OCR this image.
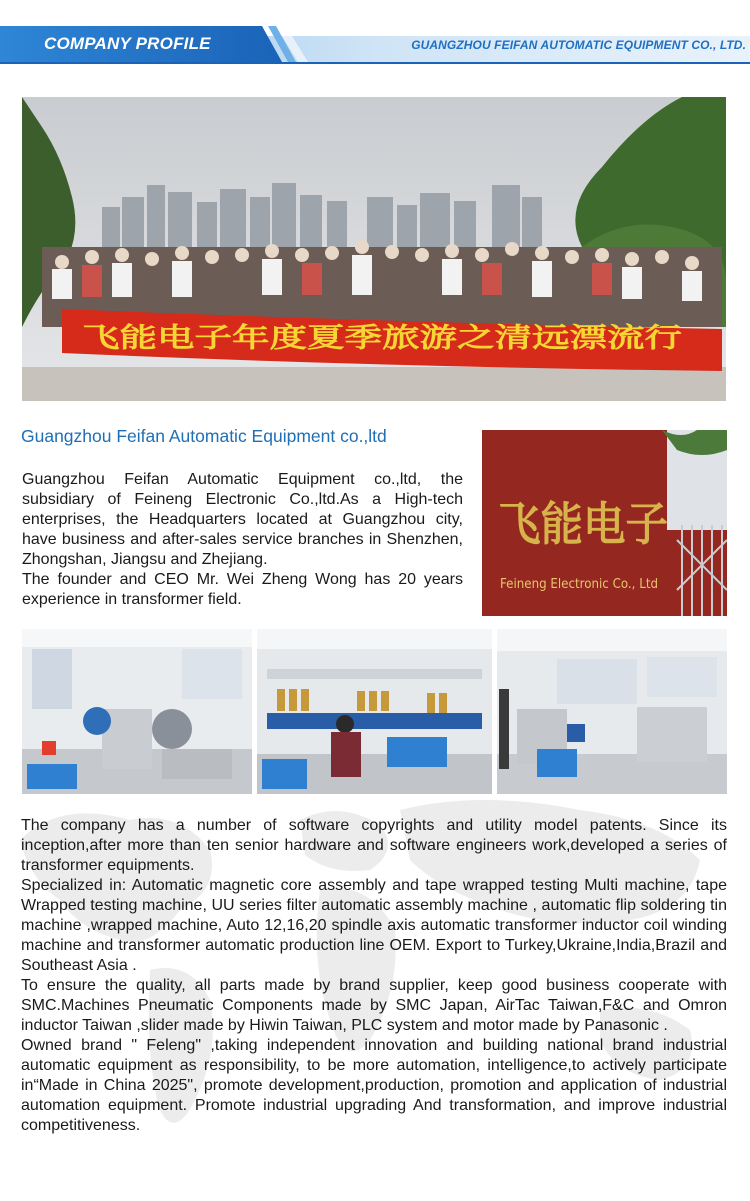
COMPANY PROFILE	GUANGZHOU FEIFAN AUTOMATIC EQUIPMENT CO., LTD.
飞能电子年度夏季旅游之清远漂流行
Guangzhou Feifan Automatic Equipment co.,ltd

Guangzhou Feifan Automatic Equipment co.,ltd, the subsidiary of Feineng Electronic Co.,ltd.As a High-tech enterprises, the Headquarters located at Guangzhou city, have business and after-sales service branches in Shenzhen, Zhongshan, Jiangsu and Zhejiang.

The founder and CEO Mr. Wei Zheng Wong has 20 years experience in transformer field.

飞能电子
Feineng Electronic Co., Ltd

The company has a number of software copyrights and utility model patents. Since its inception,after more than ten senior hardware and software engineers work,developed a series of transformer equipments.

Specialized in: Automatic magnetic core assembly and tape wrapped testing Multi machine, tape Wrapped testing machine, UU series filter automatic assembly machine , automatic flip soldering tin machine ,wrapped machine, Auto 12,16,20 spindle axis automatic transformer inductor coil winding machine and transformer automatic production line OEM. Export to Turkey,Ukraine,India,Brazil and Southeast Asia .

To ensure the quality, all parts made by brand supplier, keep good business cooperate with SMC.Machines Pneumatic Components made by SMC Japan, AirTac Taiwan,F&C and Omron inductor Taiwan ,slider made by Hiwin Taiwan, PLC system and motor made by Panasonic .

Owned brand " Feleng" ,taking independent innovation and building national brand industrial automatic equipment as responsibility, to be more automation, intelligence,to actively participate in“Made in China 2025", promote development,production, promotion and application of industrial automation equipment. Promote industrial upgrading And transformation, and improve industrial competitiveness.
